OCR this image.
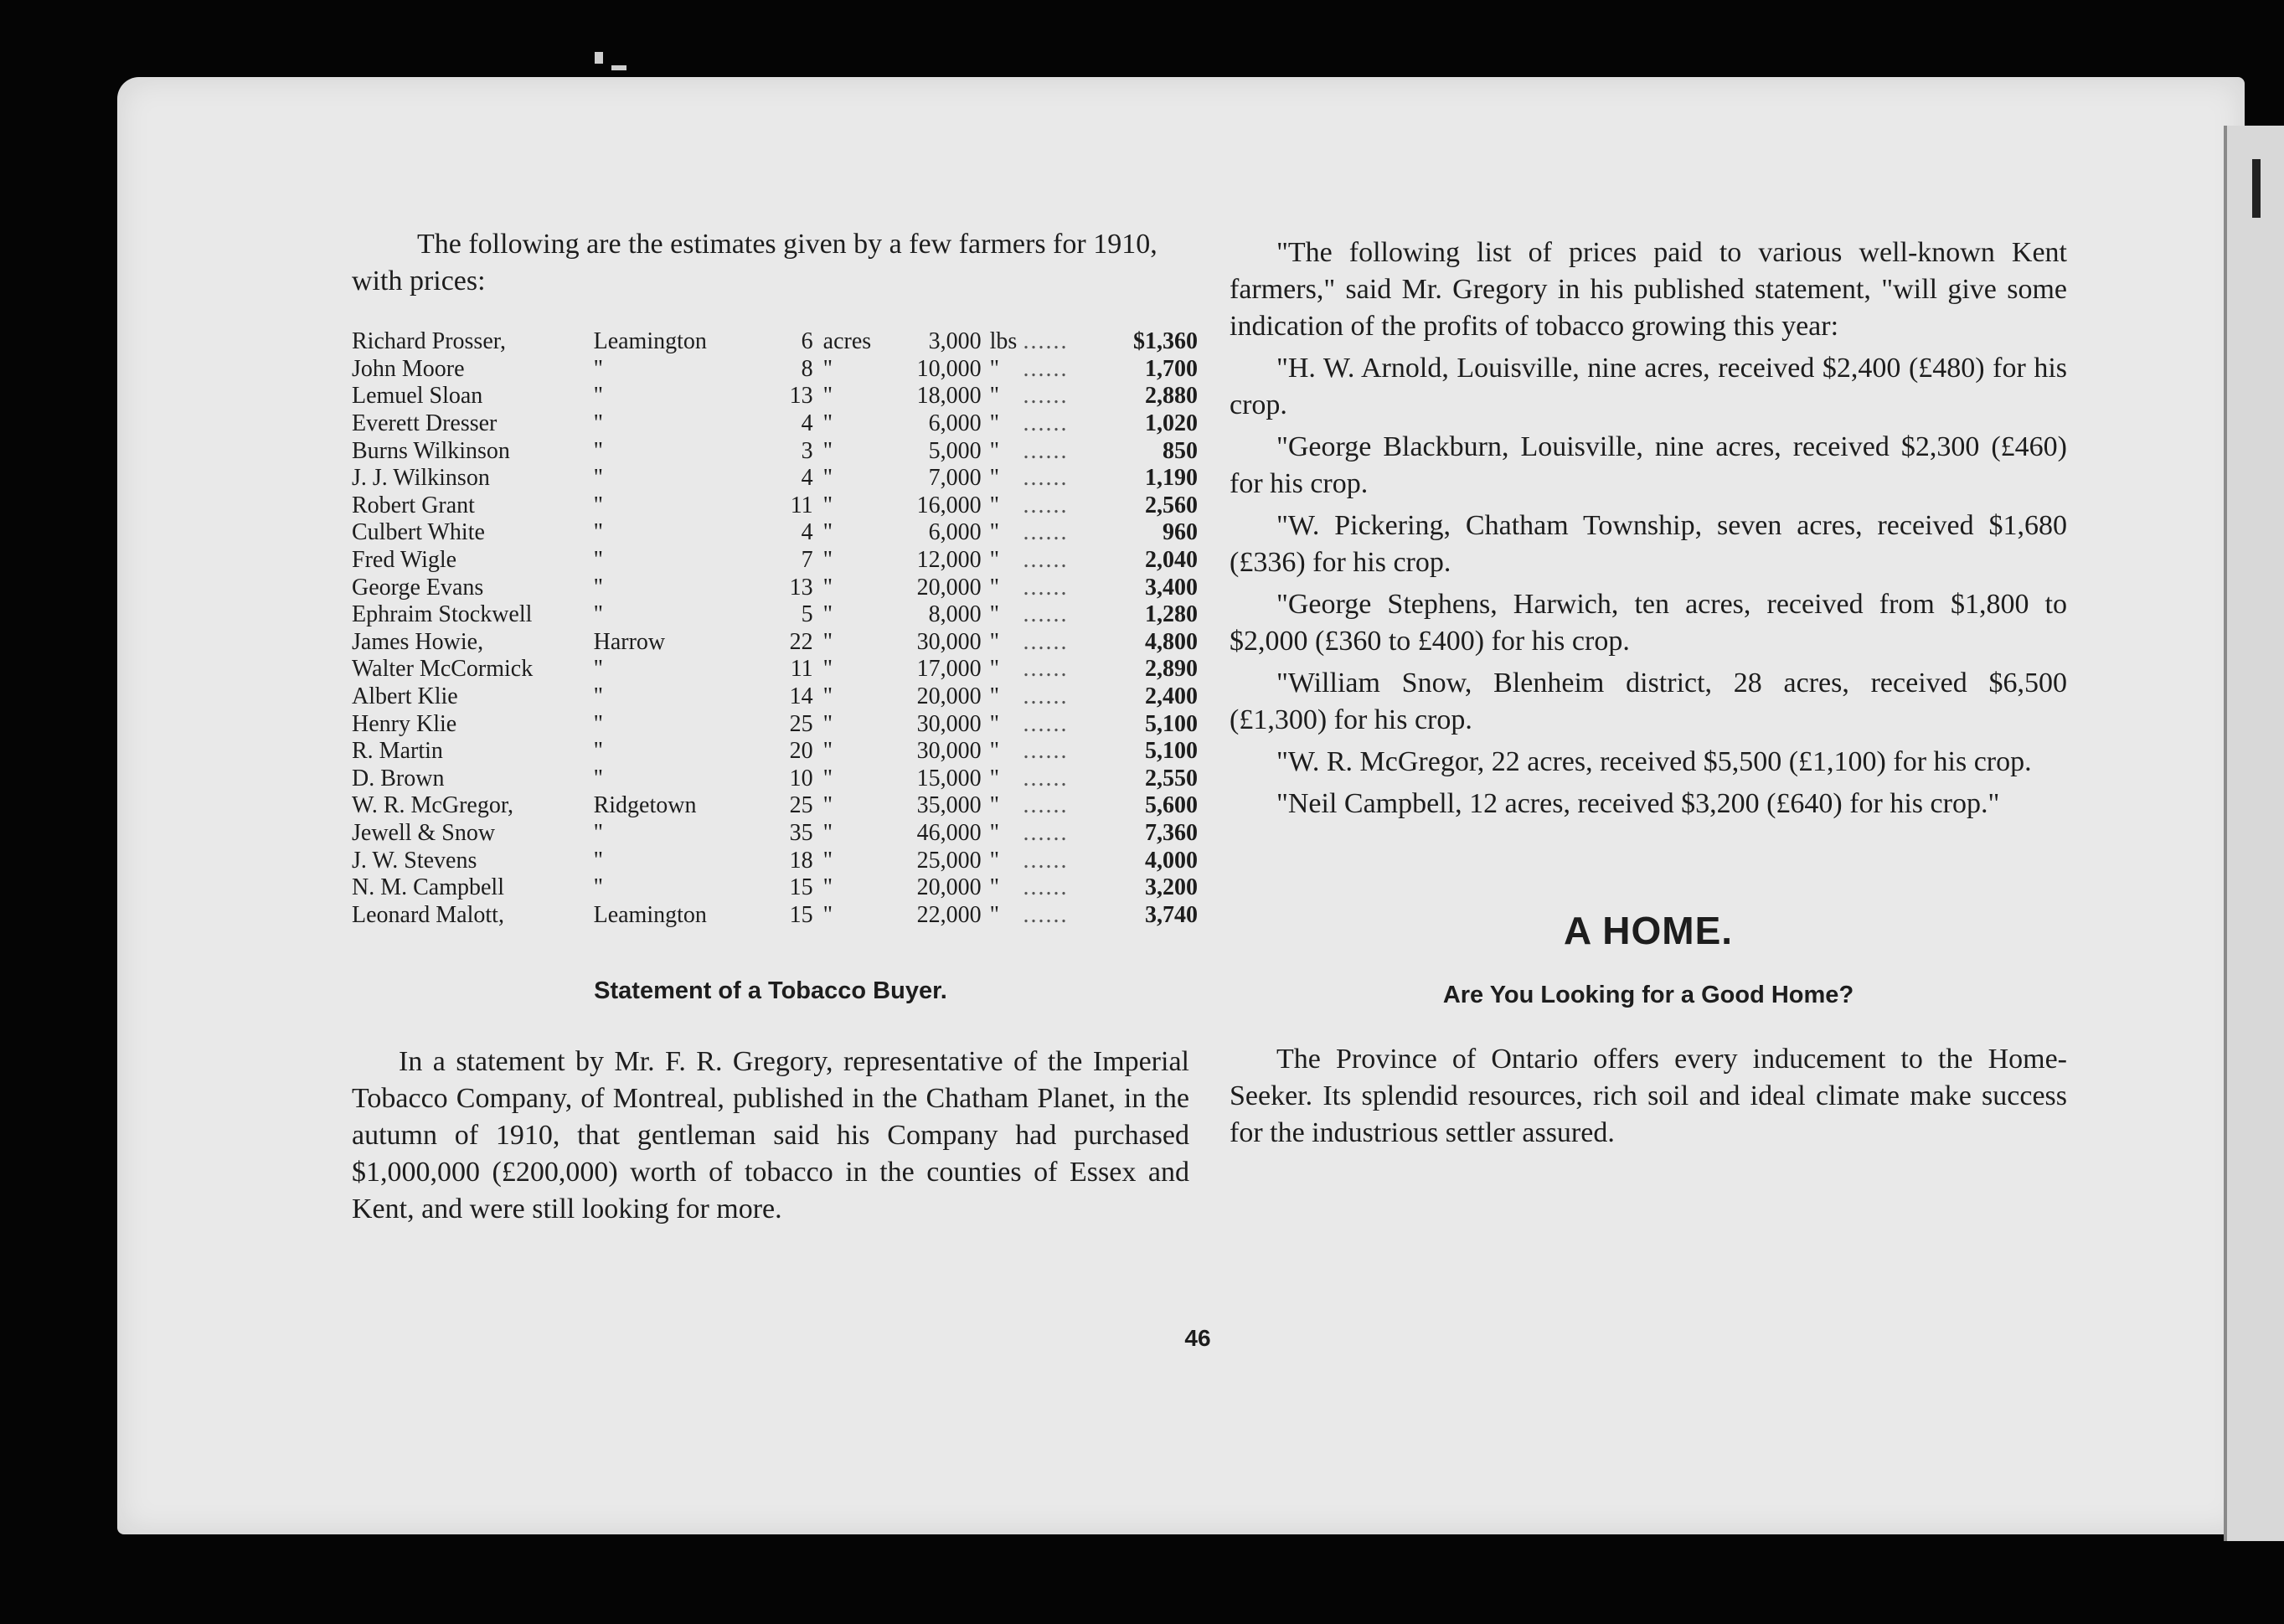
The following are the estimates given by a few farmers for 1910, with prices:

Richard Prosser,	Leamington	6	acres	3,000	lbs	......	$1,360
John Moore	"	8	"	10,000	"	......	1,700
Lemuel Sloan	"	13	"	18,000	"	......	2,880
Everett Dresser	"	4	"	6,000	"	......	1,020
Burns Wilkinson	"	3	"	5,000	"	......	850
J. J. Wilkinson	"	4	"	7,000	"	......	1,190
Robert Grant	"	11	"	16,000	"	......	2,560
Culbert White	"	4	"	6,000	"	......	960
Fred Wigle	"	7	"	12,000	"	......	2,040
George Evans	"	13	"	20,000	"	......	3,400
Ephraim Stockwell	"	5	"	8,000	"	......	1,280
James Howie,	Harrow	22	"	30,000	"	......	4,800
Walter McCormick	"	11	"	17,000	"	......	2,890
Albert Klie	"	14	"	20,000	"	......	2,400
Henry Klie	"	25	"	30,000	"	......	5,100
R. Martin	"	20	"	30,000	"	......	5,100
D. Brown	"	10	"	15,000	"	......	2,550
W. R. McGregor,	Ridgetown	25	"	35,000	"	......	5,600
Jewell & Snow	"	35	"	46,000	"	......	7,360
J. W. Stevens	"	18	"	25,000	"	......	4,000
N. M. Campbell	"	15	"	20,000	"	......	3,200
Leonard Malott,	Leamington	15	"	22,000	"	......	3,740

Statement of a Tobacco Buyer.

In a statement by Mr. F. R. Gregory, representative of the Imperial Tobacco Company, of Montreal, published in the Chatham Planet, in the autumn of 1910, that gentleman said his Company had purchased $1,000,000 (£200,000) worth of tobacco in the counties of Essex and Kent, and were still looking for more.

"The following list of prices paid to various well-known Kent farmers," said Mr. Gregory in his published statement, "will give some indication of the profits of tobacco growing this year:

"H. W. Arnold, Louisville, nine acres, received $2,400 (£480) for his crop.

"George Blackburn, Louisville, nine acres, received $2,300 (£460) for his crop.

"W. Pickering, Chatham Township, seven acres, received $1,680 (£336) for his crop.

"George Stephens, Harwich, ten acres, received from $1,800 to $2,000 (£360 to £400) for his crop.

"William Snow, Blenheim district, 28 acres, received $6,500 (£1,300) for his crop.

"W. R. McGregor, 22 acres, received $5,500 (£1,100) for his crop.

"Neil Campbell, 12 acres, received $3,200 (£640) for his crop."

A HOME.

Are You Looking for a Good Home?

The Province of Ontario offers every inducement to the Home-Seeker. Its splendid resources, rich soil and ideal climate make success for the industrious settler assured.

46
